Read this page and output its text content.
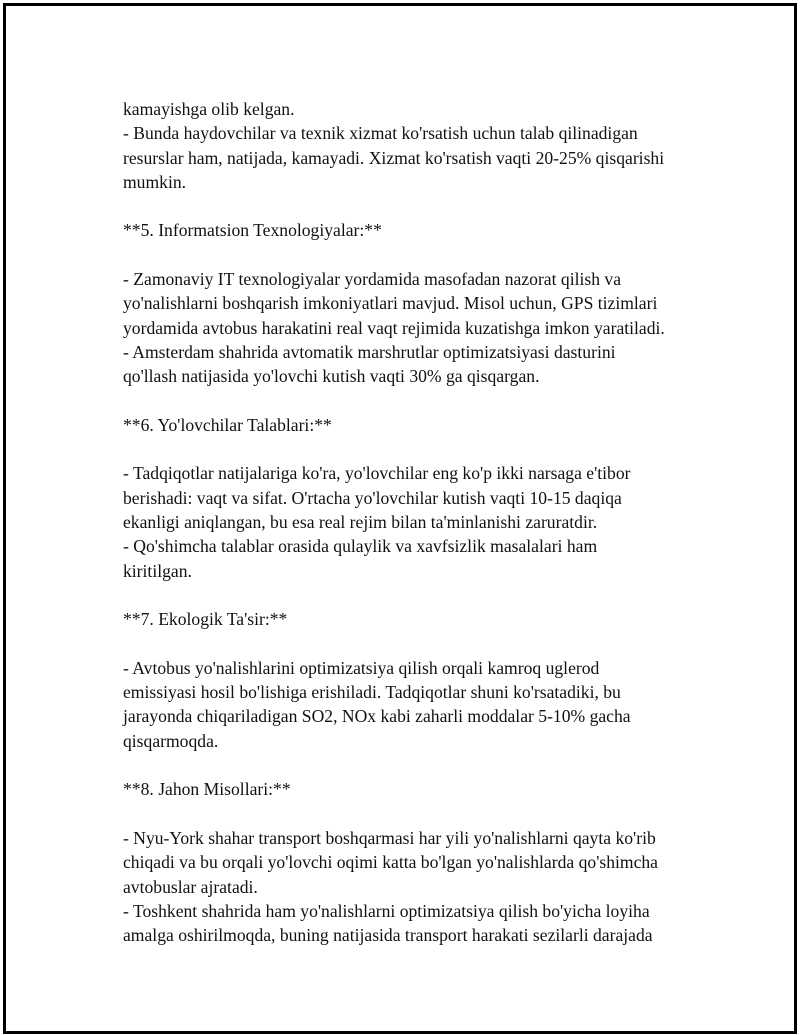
kamayishga olib kelgan.
- Bunda haydovchilar va texnik xizmat ko'rsatish uchun talab qilinadigan
resurslar ham, natijada, kamayadi. Xizmat ko'rsatish vaqti 20-25% qisqarishi
mumkin.
**5. Informatsion Texnologiyalar:**
- Zamonaviy IT texnologiyalar yordamida masofadan nazorat qilish va
yo'nalishlarni boshqarish imkoniyatlari mavjud. Misol uchun, GPS tizimlari
yordamida avtobus harakatini real vaqt rejimida kuzatishga imkon yaratiladi.
- Amsterdam shahrida avtomatik marshrutlar optimizatsiyasi dasturini
qo'llash natijasida yo'lovchi kutish vaqti 30% ga qisqargan.
**6. Yo'lovchilar Talablari:**
- Tadqiqotlar natijalariga ko'ra, yo'lovchilar eng ko'p ikki narsaga e'tibor
berishadi: vaqt va sifat. O'rtacha yo'lovchilar kutish vaqti 10-15 daqiqa
ekanligi aniqlangan, bu esa real rejim bilan ta'minlanishi zaruratdir.
- Qo'shimcha talablar orasida qulaylik va xavfsizlik masalalari ham
kiritilgan.
**7. Ekologik Ta'sir:**
- Avtobus yo'nalishlarini optimizatsiya qilish orqali kamroq uglerod
emissiyasi hosil bo'lishiga erishiladi. Tadqiqotlar shuni ko'rsatadiki, bu
jarayonda chiqariladigan SO2, NOx kabi zaharli moddalar 5-10% gacha
qisqarmoqda.
**8. Jahon Misollari:**
- Nyu-York shahar transport boshqarmasi har yili yo'nalishlarni qayta ko'rib
chiqadi va bu orqali yo'lovchi oqimi katta bo'lgan yo'nalishlarda qo'shimcha
avtobuslar ajratadi.
- Toshkent shahrida ham yo'nalishlarni optimizatsiya qilish bo'yicha loyiha
amalga oshirilmoqda, buning natijasida transport harakati sezilarli darajada
